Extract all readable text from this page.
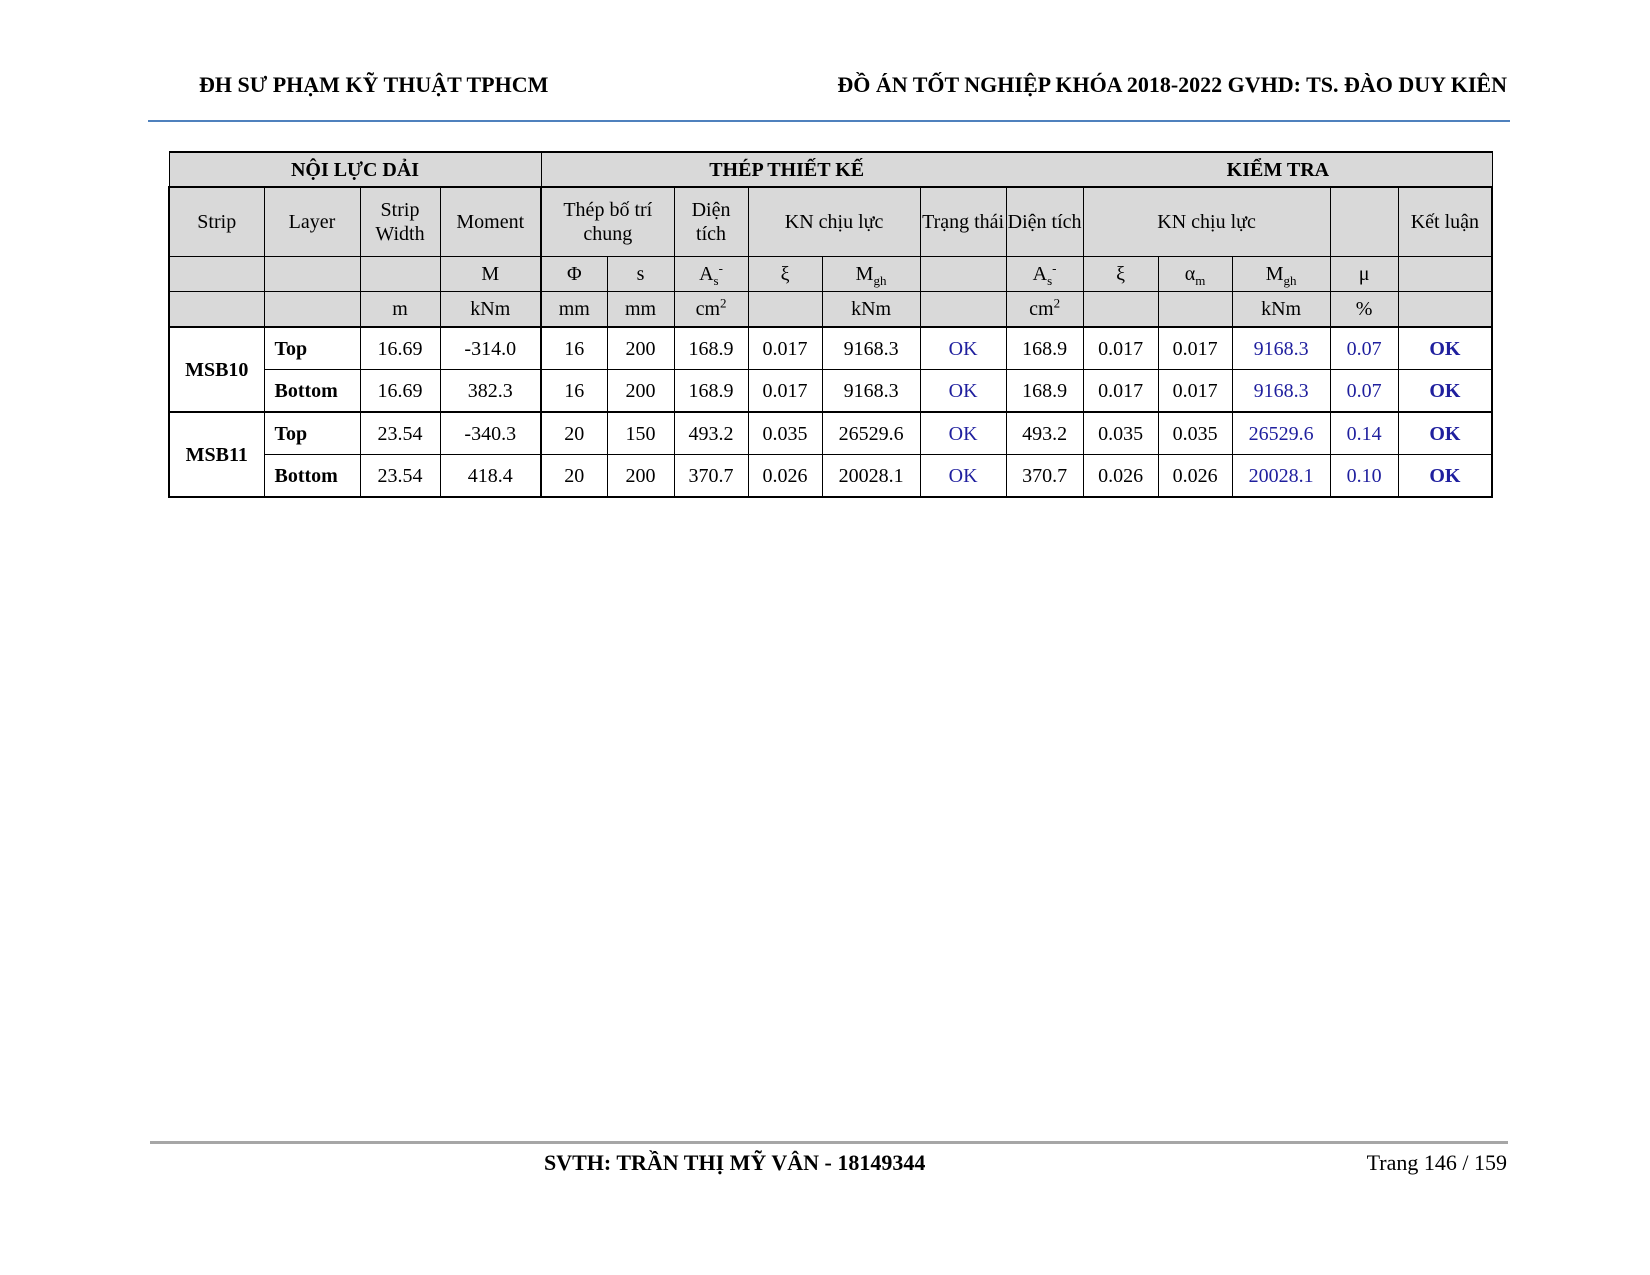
ĐH SƯ PHẠM KỸ THUẬT TPHCM	ĐỒ ÁN TỐT NGHIỆP KHÓA 2018-2022 GVHD: TS. ĐÀO DUY KIÊN
NỘI LỰC DẢI				THÉP THIẾT KẾ					KIỂM TRA						
Strip	Layer	Strip Width	Moment	Thép bố trí chung		Diện tích	KN chịu lực		Trạng thái	Diện tích	KN chịu lực				Kết luận
			M	Φ	s	$A_s^-$	ξ	$M_{gh}$		$A_s^-$	ξ	$\alpha_m$	$M_{gh}$	μ	
		m	kNm	mm	mm	$cm^2$		kNm		$cm^2$			kNm	%	
MSB10	Top	16.69	-314.0	16	200	168.9	0.017	9168.3	OK	168.9	0.017	0.017	9168.3	0.07	OK
	Bottom	16.69	382.3	16	200	168.9	0.017	9168.3	OK	168.9	0.017	0.017	9168.3	0.07	OK
MSB11	Top	23.54	-340.3	20	150	493.2	0.035	26529.6	OK	493.2	0.035	0.035	26529.6	0.14	OK
	Bottom	23.54	418.4	20	200	370.7	0.026	20028.1	OK	370.7	0.026	0.026	20028.1	0.10	OK
SVTH: TRẦN THỊ MỸ VÂN - 18149344	Trang 146 / 159
